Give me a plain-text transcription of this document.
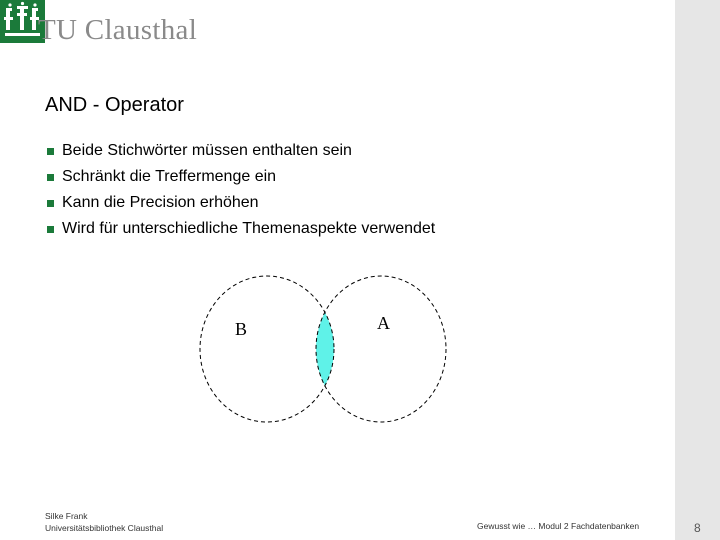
TU Clausthal
AND - Operator
Beide Stichwörter müssen enthalten sein
Schränkt die Treffermenge ein
Kann die Precision erhöhen
Wird für unterschiedliche Themenaspekte verwendet
B	A
Silke Frank
Universitätsbibliothek Clausthal	Gewusst wie … Modul 2 Fachdatenbanken	8
